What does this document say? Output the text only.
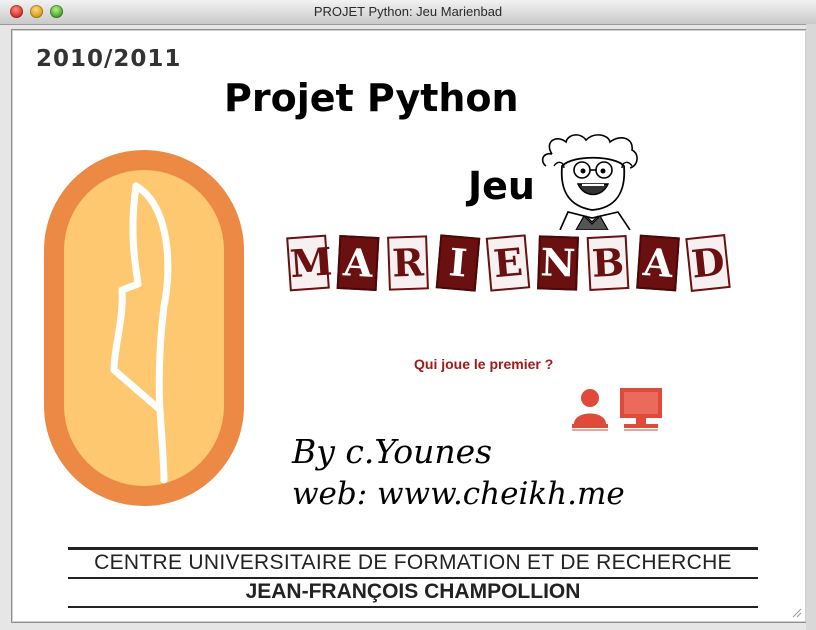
PROJET Python: Jeu Marienbad
2010/2011
Projet Python
Jeu
M A R I E N B A D
Qui joue le premier ?
By c.Younes
web: www.cheikh.me
CENTRE UNIVERSITAIRE DE FORMATION ET DE RECHERCHE
JEAN-FRANÇOIS CHAMPOLLION
